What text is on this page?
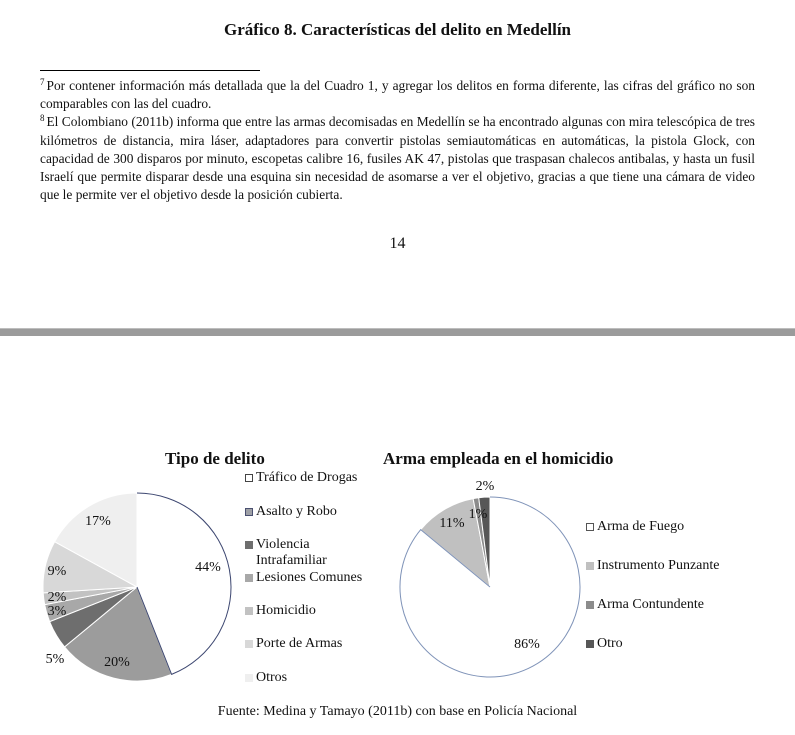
Gráfico 8. Características del delito en Medellín

$^7$ Por contener información más detallada que la del Cuadro 1, y agregar los delitos en forma diferente, las cifras del gráfico no son comparables con las del cuadro.

$^8$ El Colombiano (2011b) informa que entre las armas decomisadas en Medellín se ha encontrado algunas con mira telescópica de tres kilómetros de distancia, mira láser, adaptadores para convertir pistolas semiautomáticas en automáticas, la pistola Glock, con capacidad de 300 disparos por minuto, escopetas calibre 16, fusiles AK 47, pistolas que traspasan chalecos antibalas, y hasta un fusil Israelí que permite disparar desde una esquina sin necesidad de asomarse a ver el objetivo, gracias a que tiene una cámara de video que le permite ver el objetivo desde la posición cubierta.

14
Tipo de delito
44%
20%
5%
3%
2%
9%
17%
Tráfico de Drogas
Asalto y Robo
Violencia Intrafamiliar
Lesiones Comunes
Homicidio
Porte de Armas
Otros
Arma empleada en el homicidio
86%
11%
1%
2%
Arma de Fuego
Instrumento Punzante
Arma Contundente
Otro
Fuente: Medina y Tamayo (2011b) con base en Policía Nacional
